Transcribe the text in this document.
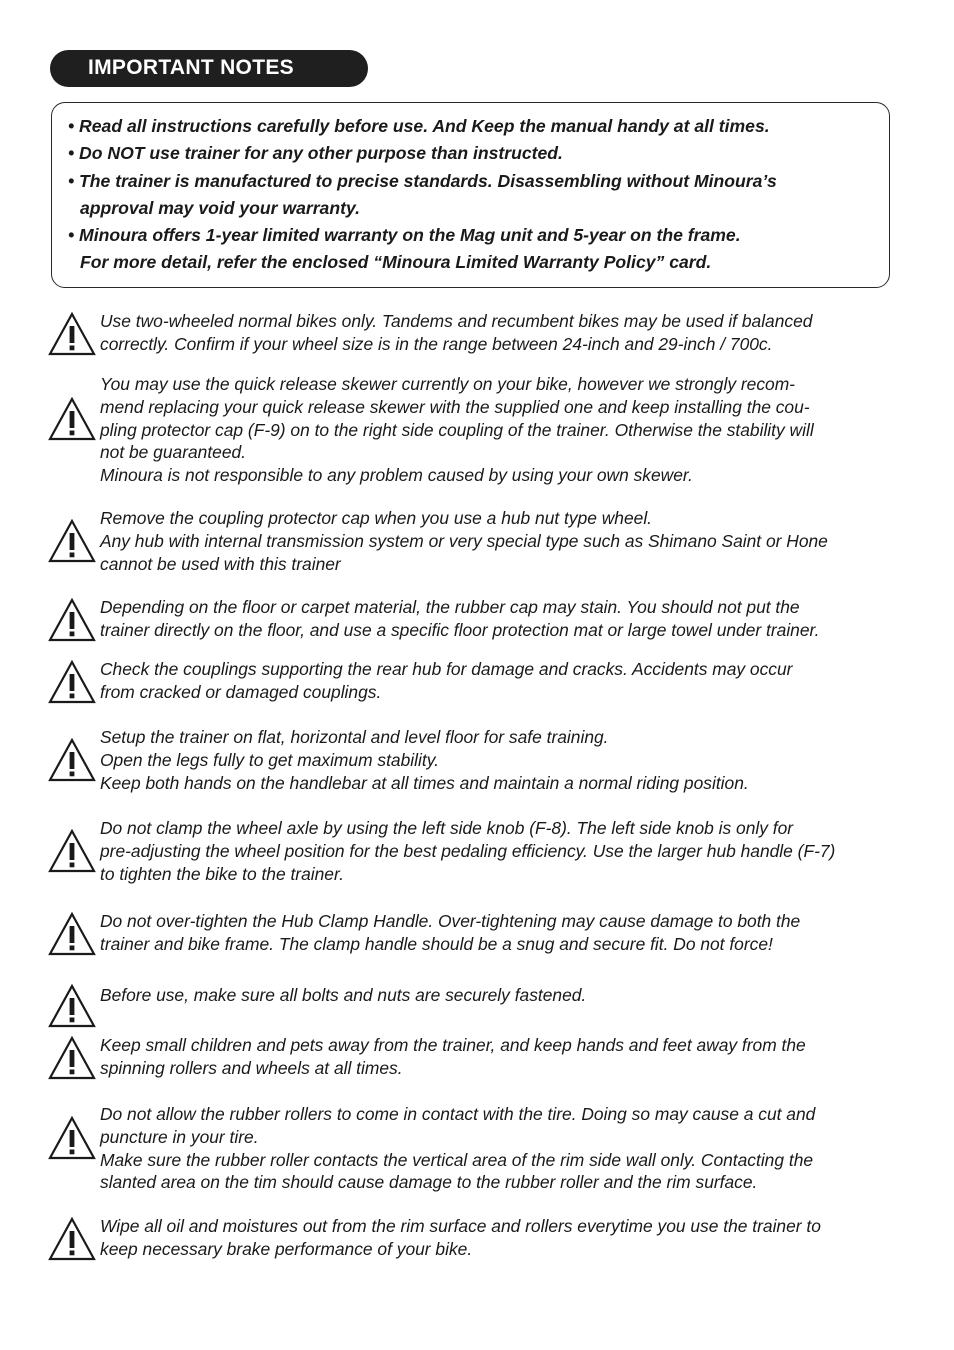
IMPORTANT NOTES
• Read all instructions carefully before use. And Keep the manual handy at all times.
• Do NOT use trainer for any other purpose than instructed.
• The trainer is manufactured to precise standards. Disassembling without Minoura’s
approval may void your warranty.
• Minoura offers 1-year limited warranty on the Mag unit and 5-year on the frame.
For more detail, refer the enclosed “Minoura Limited Warranty Policy” card.
Use two-wheeled normal bikes only. Tandems and recumbent bikes may be used if balanced
correctly. Confirm if your wheel size is in the range between 24-inch and 29-inch / 700c.
You may use the quick release skewer currently on your bike, however we strongly recom-
mend replacing your quick release skewer with the supplied one and keep installing the cou-
pling protector cap (F-9) on to the right side coupling of the trainer. Otherwise the stability will
not be guaranteed.
Minoura is not responsible to any problem caused by using your own skewer.
Remove the coupling protector cap when you use a hub nut type wheel.
Any hub with internal transmission system or very special type such as Shimano Saint or Hone
cannot be used with this trainer
Depending on the floor or carpet material, the rubber cap may stain. You should not put the
trainer directly on the floor, and use a specific floor protection mat or large towel under trainer.
Check the couplings supporting the rear hub for damage and cracks. Accidents may occur
from cracked or damaged couplings.
Setup the trainer on flat, horizontal and level floor for safe training.
Open the legs fully to get maximum stability.
Keep both hands on the handlebar at all times and maintain a normal riding position.
Do not clamp the wheel axle by using the left side knob (F-8). The left side knob is only for
pre-adjusting the wheel position for the best pedaling efficiency. Use the larger hub handle (F-7)
to tighten the bike to the trainer.
Do not over-tighten the Hub Clamp Handle. Over-tightening may cause damage to both the
trainer and bike frame. The clamp handle should be a snug and secure fit. Do not force!
Before use, make sure all bolts and nuts are securely fastened.
Keep small children and pets away from the trainer, and keep hands and feet away from the
spinning rollers and wheels at all times.
Do not allow the rubber rollers to come in contact with the tire. Doing so may cause a cut and
puncture in your tire.
Make sure the rubber roller contacts the vertical area of the rim side wall only. Contacting the
slanted area on the tim should cause damage to the rubber roller and the rim surface.
Wipe all oil and moistures out from the rim surface and rollers everytime you use the trainer to
keep necessary brake performance of your bike.
